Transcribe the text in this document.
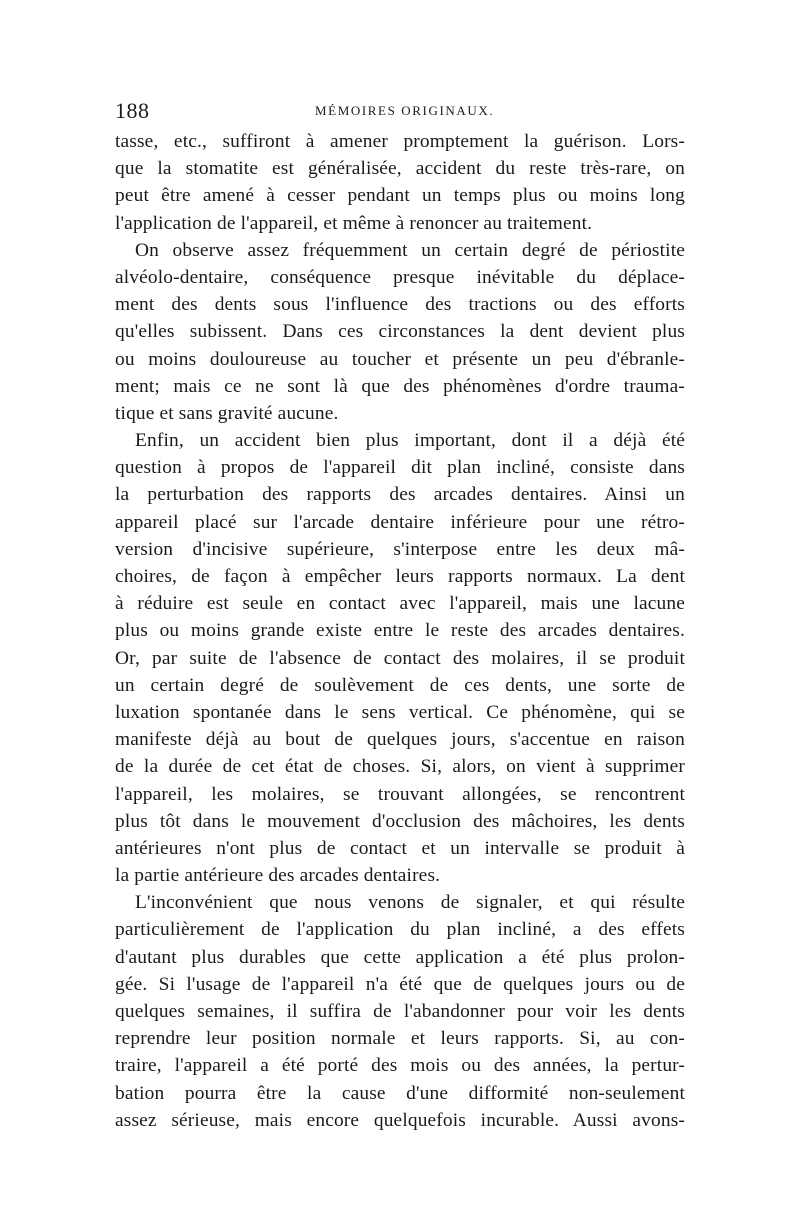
188	MÉMOIRES ORIGINAUX.
tasse, etc., suffiront à amener promptement la guérison. Lors-
que la stomatite est généralisée, accident du reste très-rare, on
peut être amené à cesser pendant un temps plus ou moins long
l'application de l'appareil, et même à renoncer au traitement.
On observe assez fréquemment un certain degré de périostite
alvéolo-dentaire, conséquence presque inévitable du déplace-
ment des dents sous l'influence des tractions ou des efforts
qu'elles subissent. Dans ces circonstances la dent devient plus
ou moins douloureuse au toucher et présente un peu d'ébranle-
ment; mais ce ne sont là que des phénomènes d'ordre trauma-
tique et sans gravité aucune.
Enfin, un accident bien plus important, dont il a déjà été
question à propos de l'appareil dit plan incliné, consiste dans
la perturbation des rapports des arcades dentaires. Ainsi un
appareil placé sur l'arcade dentaire inférieure pour une rétro-
version d'incisive supérieure, s'interpose entre les deux mâ-
choires, de façon à empêcher leurs rapports normaux. La dent
à réduire est seule en contact avec l'appareil, mais une lacune
plus ou moins grande existe entre le reste des arcades dentaires.
Or, par suite de l'absence de contact des molaires, il se produit
un certain degré de soulèvement de ces dents, une sorte de
luxation spontanée dans le sens vertical. Ce phénomène, qui se
manifeste déjà au bout de quelques jours, s'accentue en raison
de la durée de cet état de choses. Si, alors, on vient à supprimer
l'appareil, les molaires, se trouvant allongées, se rencontrent
plus tôt dans le mouvement d'occlusion des mâchoires, les dents
antérieures n'ont plus de contact et un intervalle se produit à
la partie antérieure des arcades dentaires.
L'inconvénient que nous venons de signaler, et qui résulte
particulièrement de l'application du plan incliné, a des effets
d'autant plus durables que cette application a été plus prolon-
gée. Si l'usage de l'appareil n'a été que de quelques jours ou de
quelques semaines, il suffira de l'abandonner pour voir les dents
reprendre leur position normale et leurs rapports. Si, au con-
traire, l'appareil a été porté des mois ou des années, la pertur-
bation pourra être la cause d'une difformité non-seulement
assez sérieuse, mais encore quelquefois incurable. Aussi avons-
